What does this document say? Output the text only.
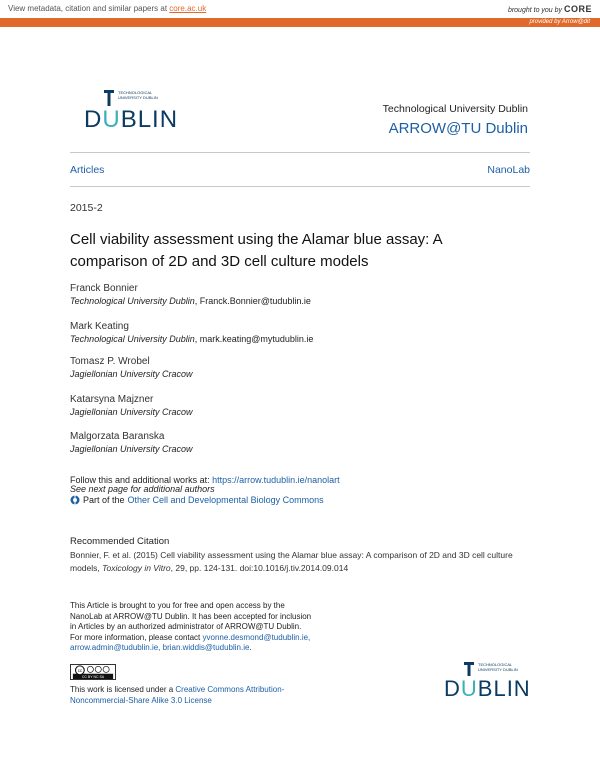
View metadata, citation and similar papers at core.ac.uk	brought to you by CORE
provided by Arrow@dit
TECHNOLOGICAL UNIVERSITY DUBLIN
DUBLIN	Technological University Dublin
ARROW@TU Dublin
Articles	NanoLab
2015-2
Cell viability assessment using the Alamar blue assay: A comparison of 2D and 3D cell culture models
Franck Bonnier
Technological University Dublin, Franck.Bonnier@tudublin.ie
Mark Keating
Technological University Dublin, mark.keating@mytudublin.ie
Tomasz P. Wrobel
Jagiellonian University Cracow
Katarsyna Majzner
Jagiellonian University Cracow
Malgorzata Baranska
Jagiellonian University Cracow
Follow this and additional works at: https://arrow.tudublin.ie/nanolart
See next page for additional authors
Part of the Other Cell and Developmental Biology Commons
Recommended Citation
Bonnier, F. et al. (2015) Cell viability assessment using the Alamar blue assay: A comparison of 2D and 3D cell culture models, Toxicology in Vitro, 29, pp. 124-131. doi:10.1016/j.tiv.2014.09.014
This Article is brought to you for free and open access by the NanoLab at ARROW@TU Dublin. It has been accepted for inclusion in Articles by an authorized administrator of ARROW@TU Dublin. For more information, please contact yvonne.desmond@tudublin.ie, arrow.admin@tudublin.ie, brian.widdis@tudublin.ie.
cc
CC BY NC SA
This work is licensed under a Creative Commons Attribution-Noncommercial-Share Alike 3.0 License
TECHNOLOGICAL UNIVERSITY DUBLIN
DUBLIN
